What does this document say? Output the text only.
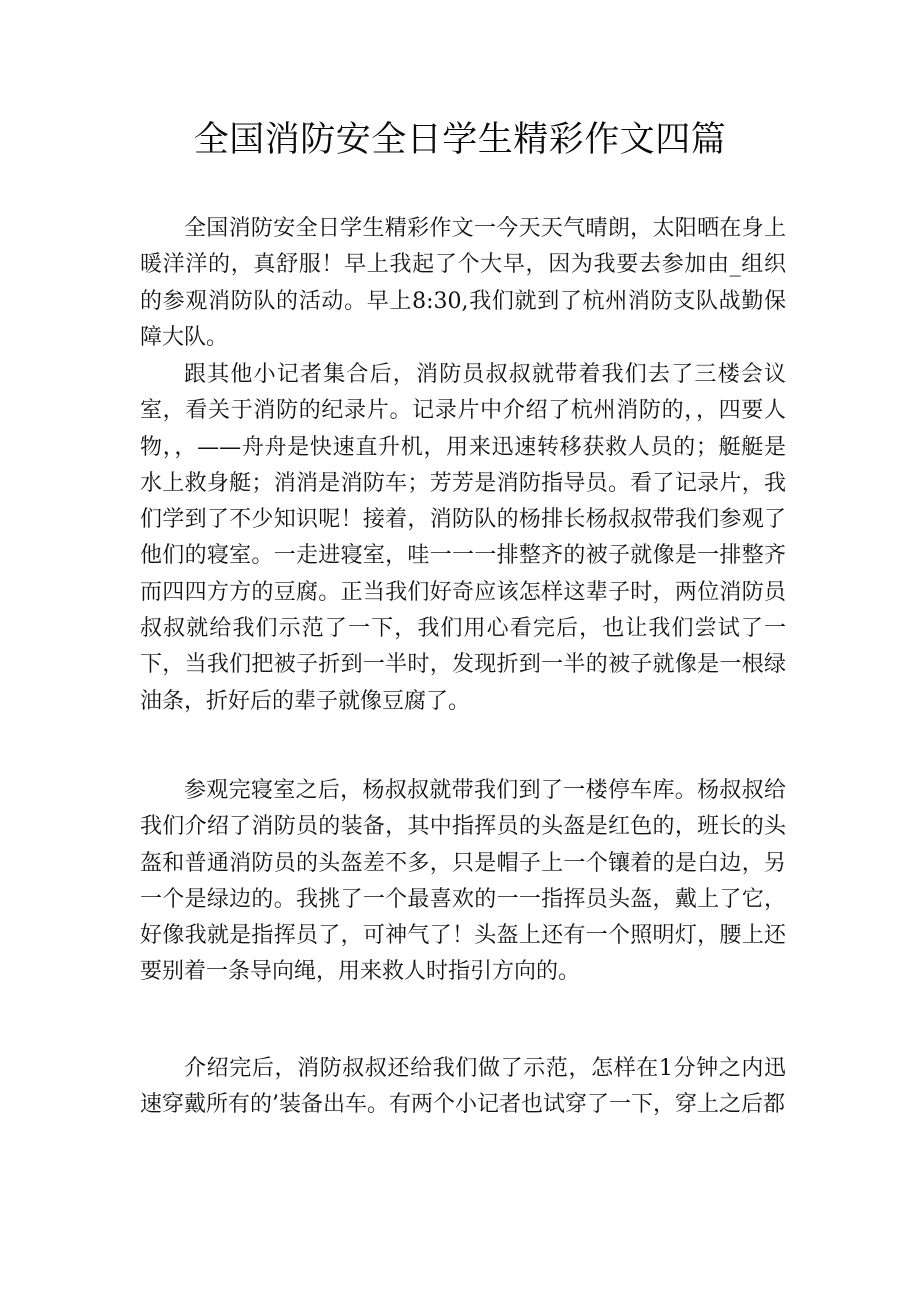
全国消防安全日学生精彩作文四篇

全国消防安全日学生精彩作文一今天天气晴朗，太阳晒在身上暖洋洋的，真舒服！早上我起了个大早，因为我要去参加由_组织的参观消防队的活动。早上8:30,我们就到了杭州消防支队战勤保障大队。

跟其他小记者集合后，消防员叔叔就带着我们去了三楼会议室，看关于消防的纪录片。记录片中介绍了杭州消防的，，四要人物，，——舟舟是快速直升机，用来迅速转移获救人员的；艇艇是水上救身艇；消消是消防车；芳芳是消防指导员。看了记录片，我们学到了不少知识呢！接着，消防队的杨排长杨叔叔带我们参观了他们的寝室。一走进寝室，哇一一一排整齐的被子就像是一排整齐而四四方方的豆腐。正当我们好奇应该怎样这辈子时，两位消防员叔叔就给我们示范了一下，我们用心看完后，也让我们尝试了一下，当我们把被子折到一半时，发现折到一半的被子就像是一根绿油条，折好后的辈子就像豆腐了。

参观完寝室之后，杨叔叔就带我们到了一楼停车库。杨叔叔给我们介绍了消防员的装备，其中指挥员的头盔是红色的，班长的头盔和普通消防员的头盔差不多，只是帽子上一个镶着的是白边，另一个是绿边的。我挑了一个最喜欢的一一指挥员头盔，戴上了它，好像我就是指挥员了，可神气了！头盔上还有一个照明灯，腰上还要别着一条导向绳，用来救人时指引方向的。

介绍完后，消防叔叔还给我们做了示范，怎样在1分钟之内迅速穿戴所有的’装备出车。有两个小记者也试穿了一下，穿上之后都
